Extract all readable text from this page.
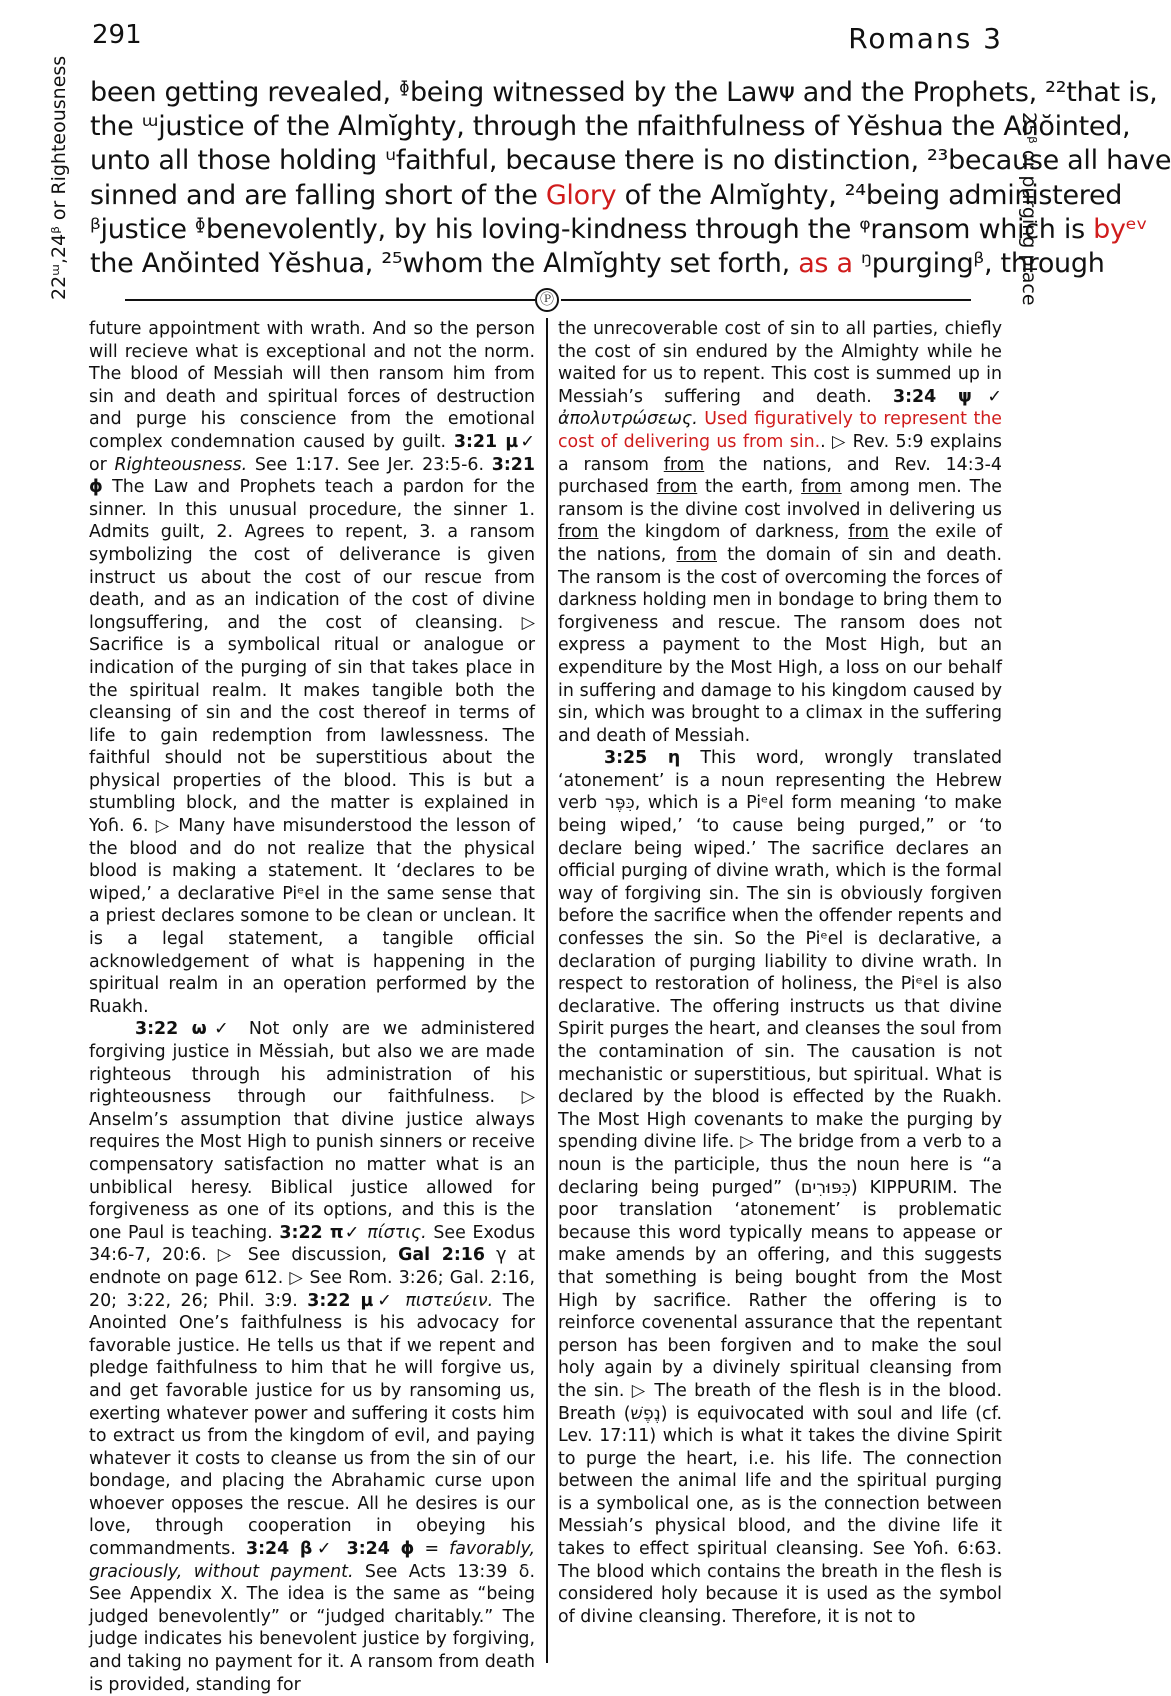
291	Romans 3

been getting revealed, ᶲbeing witnessed by the Lawᴪ and the Prophets, ²²that is,

the ᵚjustice of the Almĭghty, through the ᴨfaithfulness of Yĕshua the Anŏinted,

unto all those holding ᵘfaithful, because there is no distinction, ²³because all have

sinned and are falling short of the Glory of the Almĭghty, ²⁴being administered

ᵝjustice ᶲbenevolently, by his loving-kindness through the ᵠransom which is byᵉᵛ

the Anŏinted Yĕshua, ²⁵whom the Almĭghty set forth, as a ᵑpurgingᵝ, through

22ᵚ,24ᵝ or Righteousness	25ᵝ or purging place
Ⓟ

future appointment with wrath. And so the person will recieve what is exceptional and not the norm. The blood of Messiah will then ransom him from sin and death and spiritual forces of destruction and purge his conscience from the emotional complex condemnation caused by guilt. 3:21 µ✓ or Righteousness. See 1:17. See Jer. 23:5-6. 3:21 ɸ The Law and Prophets teach a pardon for the sinner. In this unusual procedure, the sinner 1. Admits guilt, 2. Agrees to repent, 3. a ransom symbolizing the cost of deliverance is given instruct us about the cost of our rescue from death, and as an indication of the cost of divine longsuffering, and the cost of cleansing. ▷ Sacrifice is a symbolical ritual or analogue or indication of the purging of sin that takes place in the spiritual realm. It makes tangible both the cleansing of sin and the cost thereof in terms of life to gain redemption from lawlessness. The faithful should not be superstitious about the physical properties of the blood. This is but a stumbling block, and the matter is explained in Yoɦ. 6. ▷ Many have misunderstood the lesson of the blood and do not realize that the physical blood is making a statement. It ‘declares to be wiped,’ a declarative Piᵉel in the same sense that a priest declares somone to be clean or unclean. It is a legal statement, a tangible official acknowledgement of what is happening in the spiritual realm in an operation performed by the Ruakh.

3:22 ω✓ Not only are we administered forgiving justice in Mĕssiah, but also we are made righteous through his administration of his righteousness through our faithfulness. ▷ Anselm’s assumption that divine justice always requires the Most High to punish sinners or receive compensatory satisfaction no matter what is an unbiblical heresy. Biblical justice allowed for forgiveness as one of its options, and this is the one Paul is teaching. 3:22 π✓ πίστις. See Exodus 34:6-7, 20:6. ▷ See discussion, Gal 2:16 γ at endnote on page 612. ▷ See Rom. 3:26; Gal. 2:16, 20; 3:22, 26; Phil. 3:9. 3:22 µ✓ πιστεύειν. The Anointed One’s faithfulness is his advocacy for favorable justice. He tells us that if we repent and pledge faithfulness to him that he will forgive us, and get favorable justice for us by ransoming us, exerting whatever power and suffering it costs him to extract us from the kingdom of evil, and paying whatever it costs to cleanse us from the sin of our bondage, and placing the Abrahamic curse upon whoever opposes the rescue. All he desires is our love, through cooperation in obeying his commandments. 3:24 β✓ 3:24 ɸ = favorably, graciously, without payment. See Acts 13:39 δ. See Appendix X. The idea is the same as “being judged benevolently” or “judged charitably.” The judge indicates his benevolent justice by forgiving, and taking no payment for it. A ransom from death is provided, standing for

the unrecoverable cost of sin to all parties, chiefly the cost of sin endured by the Almighty while he waited for us to repent. This cost is summed up in Messiah’s suffering and death. 3:24 ψ✓ ἀπολυτρώσεως. Used figuratively to represent the cost of delivering us from sin.. ▷ Rev. 5:9 explains a ransom from the nations, and Rev. 14:3-4 purchased from the earth, from among men. The ransom is the divine cost involved in delivering us from the kingdom of darkness, from the exile of the nations, from the domain of sin and death. The ransom is the cost of overcoming the forces of darkness holding men in bondage to bring them to forgiveness and rescue. The ransom does not express a payment to the Most High, but an expenditure by the Most High, a loss on our behalf in suffering and damage to his kingdom caused by sin, which was brought to a climax in the suffering and death of Messiah.

3:25 η This word, wrongly translated ‘atonement’ is a noun representing the Hebrew verb כִּפֶּר, which is a Piᵉel form meaning ‘to make being wiped,’ ‘to cause being purged,” or ‘to declare being wiped.’ The sacrifice declares an official purging of divine wrath, which is the formal way of forgiving sin. The sin is obviously forgiven before the sacrifice when the offender repents and confesses the sin. So the Piᵉel is declarative, a declaration of purging liability to divine wrath. In respect to restoration of holiness, the Piᵉel is also declarative. The offering instructs us that divine Spirit purges the heart, and cleanses the soul from the contamination of sin. The causation is not mechanistic or superstitious, but spiritual. What is declared by the blood is effected by the Ruakh. The Most High covenants to make the purging by spending divine life. ▷ The bridge from a verb to a noun is the participle, thus the noun here is “a declaring being purged” (כִּפּוּרִים) KIPPURIM. The poor translation ‘atonement’ is problematic because this word typically means to appease or make amends by an offering, and this suggests that something is being bought from the Most High by sacrifice. Rather the offering is to reinforce covenental assurance that the repentant person has been forgiven and to make the soul holy again by a divinely spiritual cleansing from the sin. ▷ The breath of the flesh is in the blood. Breath (נֶפֶשׁ) is equivocated with soul and life (cf. Lev. 17:11) which is what it takes the divine Spirit to purge the heart, i.e. his life. The connection between the animal life and the spiritual purging is a symbolical one, as is the connection between Messiah’s physical blood, and the divine life it takes to effect spiritual cleansing. See Yoɦ. 6:63. The blood which contains the breath in the flesh is considered holy because it is used as the symbol of divine cleansing. Therefore, it is not to
